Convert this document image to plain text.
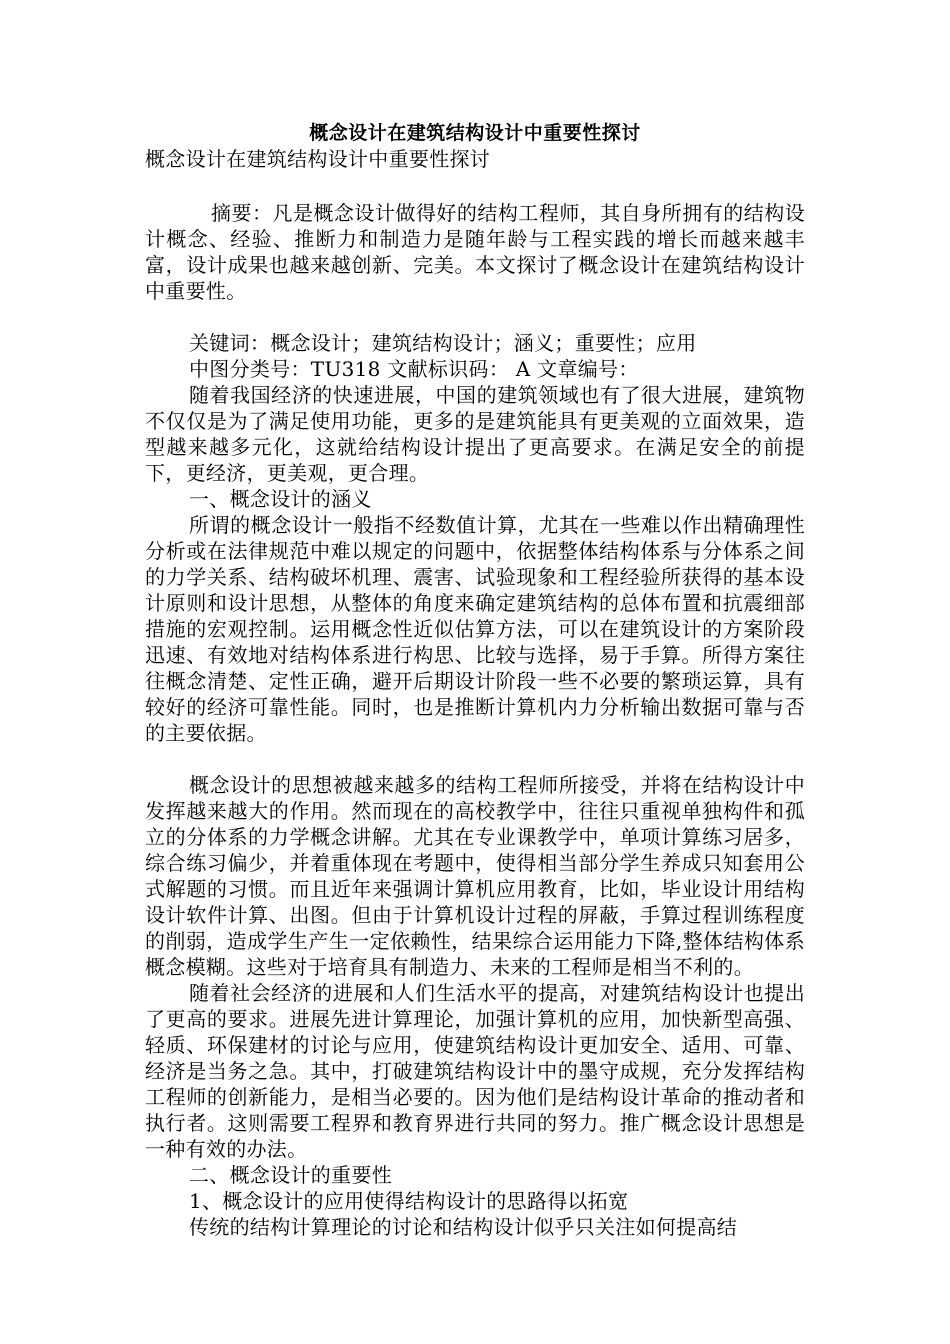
概念设计在建筑结构设计中重要性探讨

概念设计在建筑结构设计中重要性探讨

摘要：凡是概念设计做得好的结构工程师，其自身所拥有的结构设计概念、经验、推断力和制造力是随年龄与工程实践的增长而越来越丰富，设计成果也越来越创新、完美。本文探讨了概念设计在建筑结构设计中重要性。

关键词：概念设计；建筑结构设计；涵义；重要性；应用

中图分类号：TU318 文献标识码： A 文章编号：

随着我国经济的快速进展，中国的建筑领域也有了很大进展，建筑物不仅仅是为了满足使用功能，更多的是建筑能具有更美观的立面效果，造型越来越多元化，这就给结构设计提出了更高要求。在满足安全的前提下，更经济，更美观，更合理。

一、概念设计的涵义

所谓的概念设计一般指不经数值计算，尤其在一些难以作出精确理性分析或在法律规范中难以规定的问题中，依据整体结构体系与分体系之间的力学关系、结构破坏机理、震害、试验现象和工程经验所获得的基本设计原则和设计思想，从整体的角度来确定建筑结构的总体布置和抗震细部措施的宏观控制。运用概念性近似估算方法，可以在建筑设计的方案阶段迅速、有效地对结构体系进行构思、比较与选择，易于手算。所得方案往往概念清楚、定性正确，避开后期设计阶段一些不必要的繁琐运算，具有较好的经济可靠性能。同时，也是推断计算机内力分析输出数据可靠与否的主要依据。

概念设计的思想被越来越多的结构工程师所接受，并将在结构设计中发挥越来越大的作用。然而现在的高校教学中，往往只重视单独构件和孤立的分体系的力学概念讲解。尤其在专业课教学中，单项计算练习居多，综合练习偏少，并着重体现在考题中，使得相当部分学生养成只知套用公式解题的习惯。而且近年来强调计算机应用教育，比如，毕业设计用结构设计软件计算、出图。但由于计算机设计过程的屏蔽，手算过程训练程度的削弱，造成学生产生一定依赖性，结果综合运用能力下降,整体结构体系概念模糊。这些对于培育具有制造力、未来的工程师是相当不利的。

随着社会经济的进展和人们生活水平的提高，对建筑结构设计也提出了更高的要求。进展先进计算理论，加强计算机的应用，加快新型高强、轻质、环保建材的讨论与应用，使建筑结构设计更加安全、适用、可靠、经济是当务之急。其中，打破建筑结构设计中的墨守成规，充分发挥结构工程师的创新能力，是相当必要的。因为他们是结构设计革命的推动者和执行者。这则需要工程界和教育界进行共同的努力。推广概念设计思想是一种有效的办法。

二、概念设计的重要性

1、概念设计的应用使得结构设计的思路得以拓宽

传统的结构计算理论的讨论和结构设计似乎只关注如何提高结
